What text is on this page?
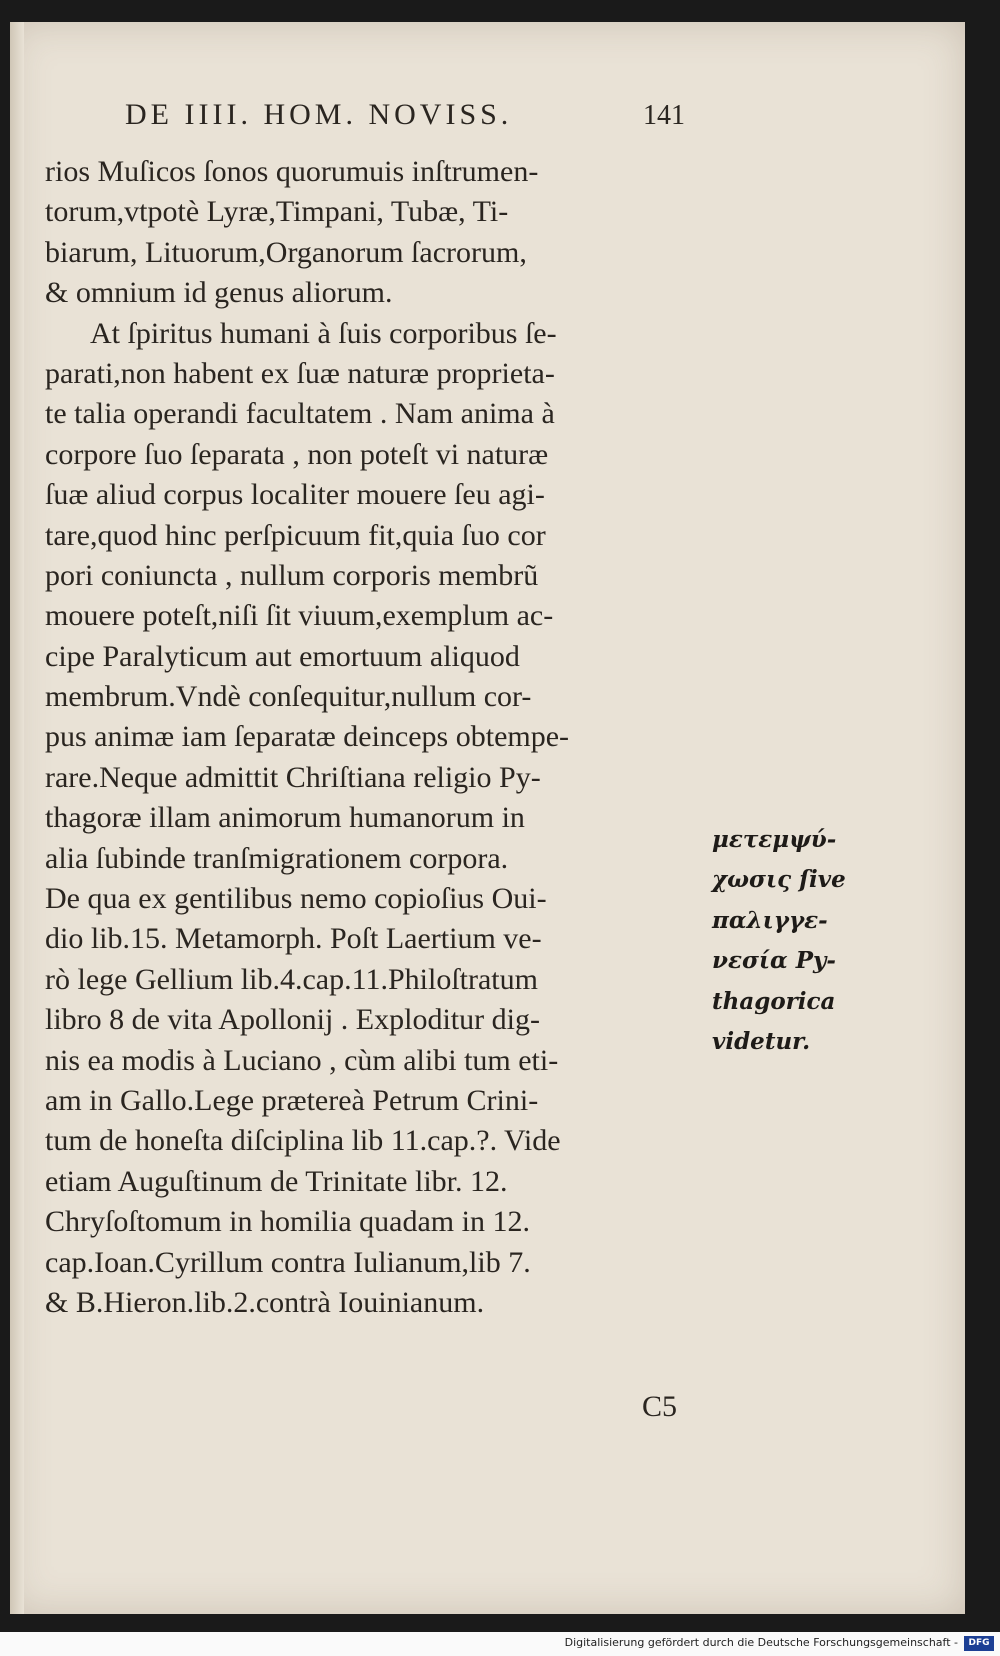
DE IIII. HOM. NOVISS.	141
rios Muſicos ſonos quorumuis inſtrumen-
torum,vtpotè Lyræ,Timpani, Tubæ, Ti-
biarum, Lituorum,Organorum ſacrorum,
& omnium id genus aliorum.
At ſpiritus humani à ſuis corporibus ſe-
parati,non habent ex ſuæ naturæ proprieta-
te talia operandi facultatem . Nam anima à
corpore ſuo ſeparata , non poteſt vi naturæ
ſuæ aliud corpus localiter mouere ſeu agi-
tare,quod hinc perſpicuum fit,quia ſuo cor
pori coniuncta , nullum corporis membrũ
mouere poteſt,niſi ſit viuum,exemplum ac-
cipe Paralyticum aut emortuum aliquod
membrum.Vndè conſequitur,nullum cor-
pus animæ iam ſeparatæ deinceps obtempe-
rare.Neque admittit Chriſtiana religio Py-
thagoræ illam animorum humanorum in
alia ſubinde tranſmigrationem corpora.
De qua ex gentilibus nemo copioſius Oui-
dio lib.15. Metamorph. Poſt Laertium ve-
rò lege Gellium lib.4.cap.11.Philoſtratum
libro 8 de vita Apollonij . Exploditur dig-
nis ea modis à Luciano , cùm alibi tum eti-
am in Gallo.Lege prætereà Petrum Crini-
tum de honeſta diſciplina lib 11.cap.?. Vide
etiam Auguſtinum de Trinitate libr. 12.
Chryſoſtomum in homilia quadam in 12.
cap.Ioan.Cyrillum contra Iulianum,lib 7.
& B.Hieron.lib.2.contrà Iouinianum.
μετεμψύ-
χωσις ſive
παλιγγε-
νεσία Py-
thagorica
videtur.
C5
Digitalisierung gefördert durch die Deutsche Forschungsgemeinschaft -	DFG
